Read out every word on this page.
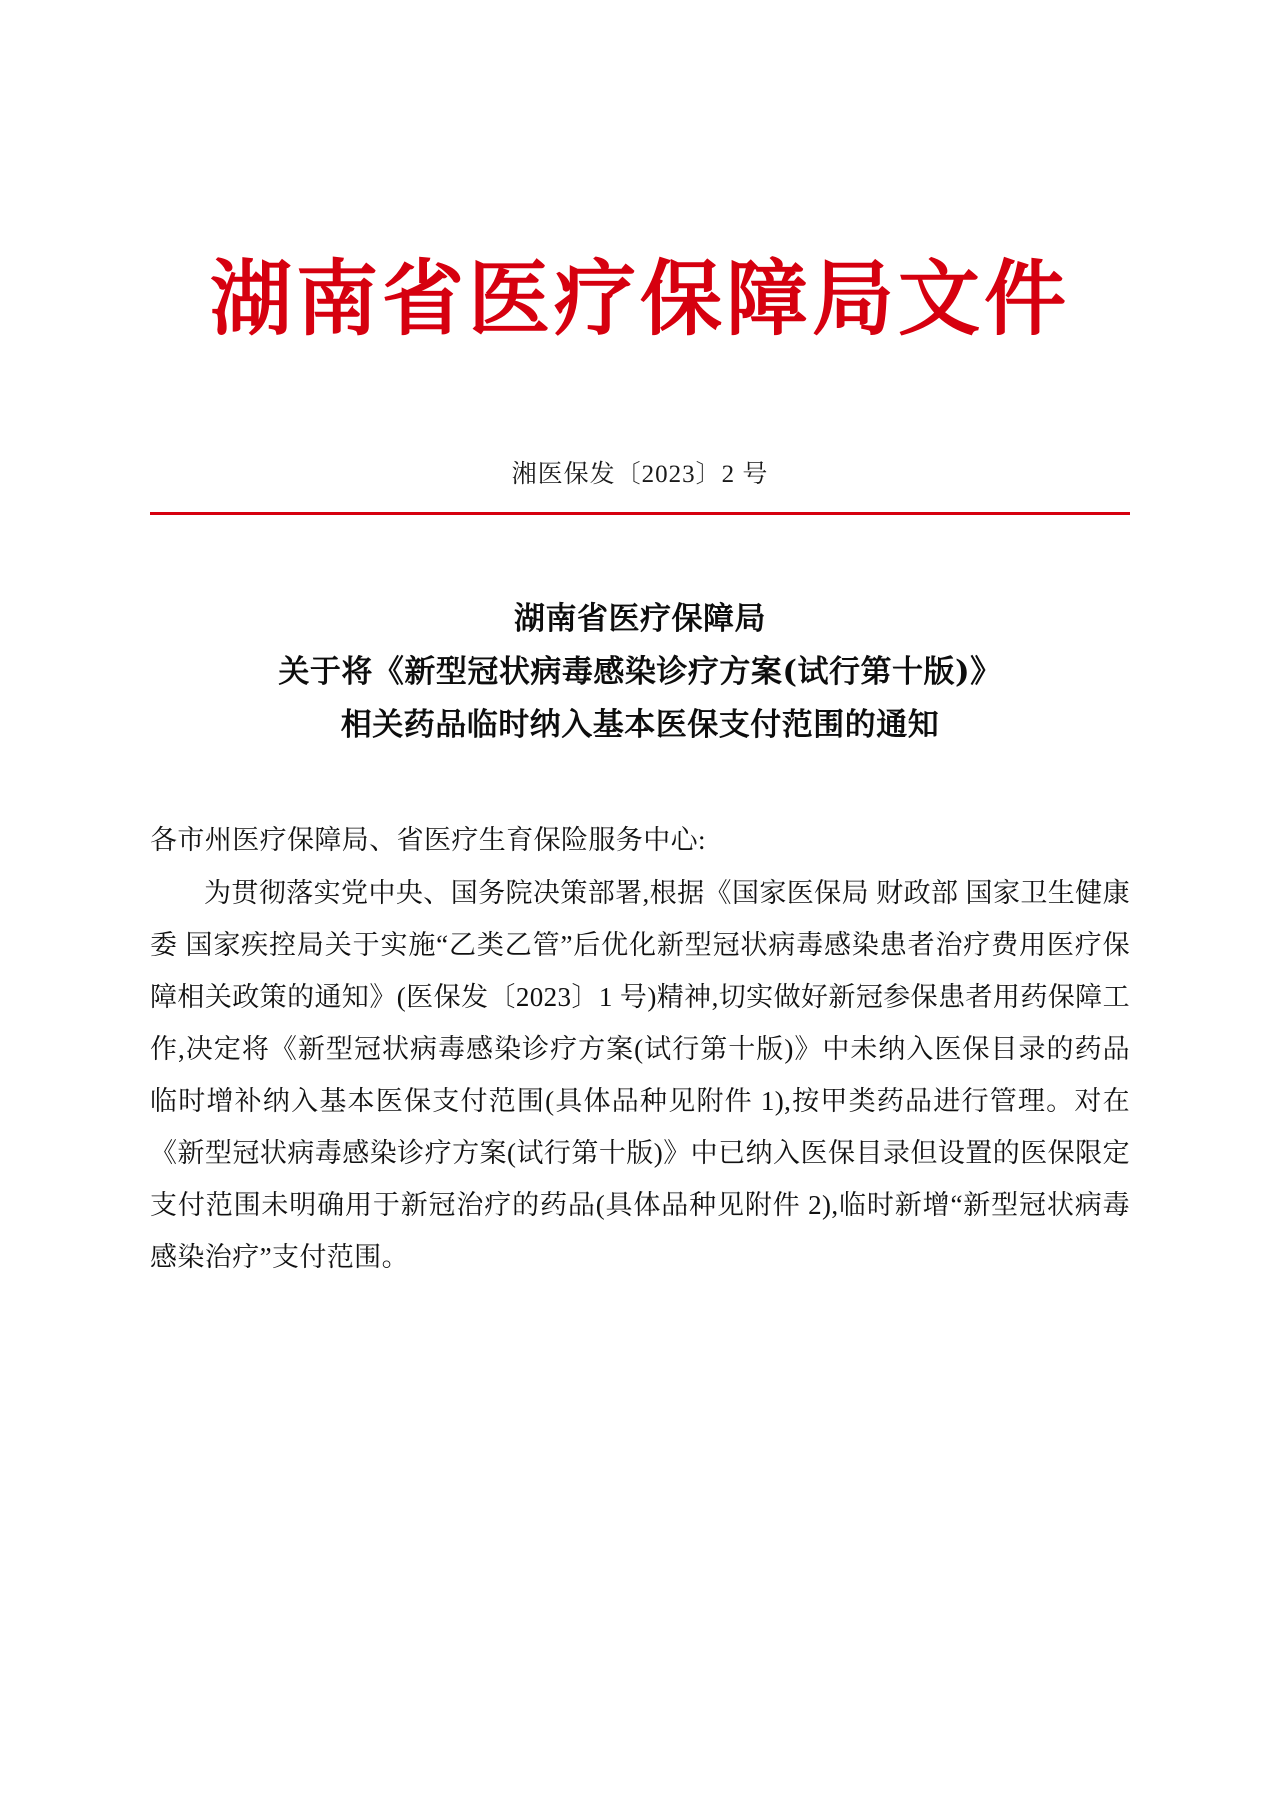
湖南省医疗保障局文件
湘医保发〔2023〕2 号
湖南省医疗保障局
关于将《新型冠状病毒感染诊疗方案(试行第十版)》
相关药品临时纳入基本医保支付范围的通知

各市州医疗保障局、省医疗生育保险服务中心:

为贯彻落实党中央、国务院决策部署,根据《国家医保局 财政部 国家卫生健康委 国家疾控局关于实施“乙类乙管”后优化新型冠状病毒感染患者治疗费用医疗保障相关政策的通知》(医保发〔2023〕1 号)精神,切实做好新冠参保患者用药保障工作,决定将《新型冠状病毒感染诊疗方案(试行第十版)》中未纳入医保目录的药品临时增补纳入基本医保支付范围(具体品种见附件 1),按甲类药品进行管理。对在《新型冠状病毒感染诊疗方案(试行第十版)》中已纳入医保目录但设置的医保限定支付范围未明确用于新冠治疗的药品(具体品种见附件 2),临时新增“新型冠状病毒感染治疗”支付范围。
